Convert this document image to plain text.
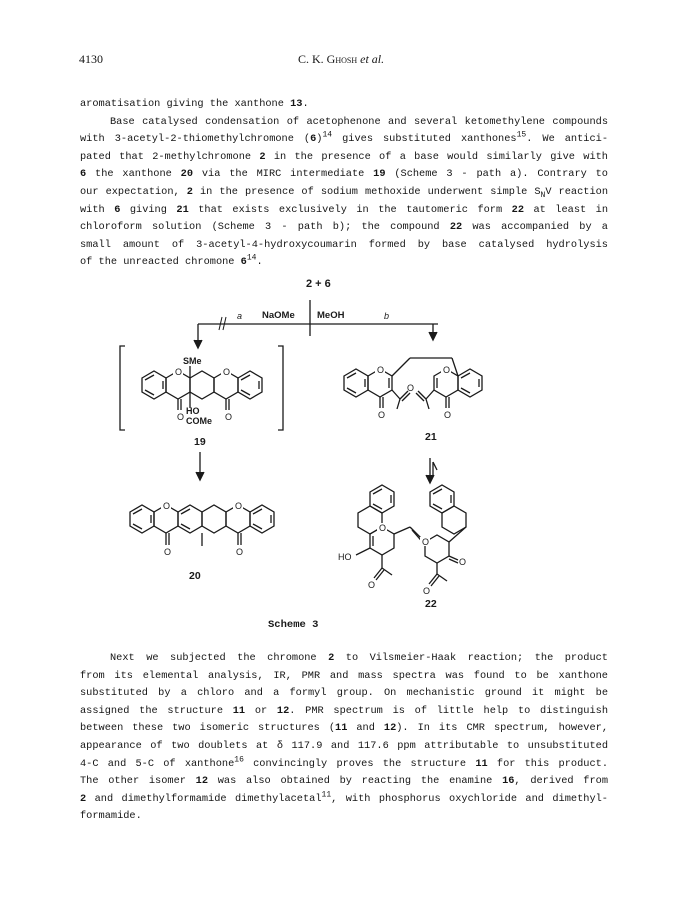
4130	C. K. Ghosh et al.
aromatisation giving the xanthone 13.
Base catalysed condensation of acetophenone and several ketomethylene compounds
with 3-acetyl-2-thiomethylchromone $(6)^{14}$ gives substituted xanthones$^{15}$. We antici-
pated that 2-methylchromone 2 in the presence of a base would similarly give with
6 the xanthone 20 via the MIRC intermediate 19 (Scheme 3 - path a). Contrary to
our expectation, 2 in the presence of sodium methoxide underwent simple $S_NV$ reaction
with 6 giving 21 that exists exclusively in the tautomeric form 22 at least in
chloroform solution (Scheme 3 - path b); the compound 22 was accompanied by a
small amount of 3-acetyl-4-hydroxycoumarin formed by base catalysed hydrolysis
of the unreacted chromone $6^{14}$.
2 + 6
a	b
NaOMe MeOH
O	O
O	O
SMe
HO
COMe
19
O	O
O	O
20
O	O
O	O
O
21
O
O
O
O
O
HO
22
Scheme 3
Next we subjected the chromone 2 to Vilsmeier-Haak reaction; the product
from its elemental analysis, IR, PMR and mass spectra was found to be xanthone
substituted by a chloro and a formyl group. On mechanistic ground it might be
assigned the structure 11 or 12. PMR spectrum is of little help to distinguish
between these two isomeric structures (11 and 12). In its CMR spectrum, however,
appearance of two doublets at δ 117.9 and 117.6 ppm attributable to unsubstituted
4-C and 5-C of xanthone$^{16}$ convincingly proves the structure 11 for this product.
The other isomer 12 was also obtained by reacting the enamine 16, derived from
2 and dimethylformamide dimethylacetal$^{11}$, with phosphorus oxychloride and dimethyl-
formamide.
